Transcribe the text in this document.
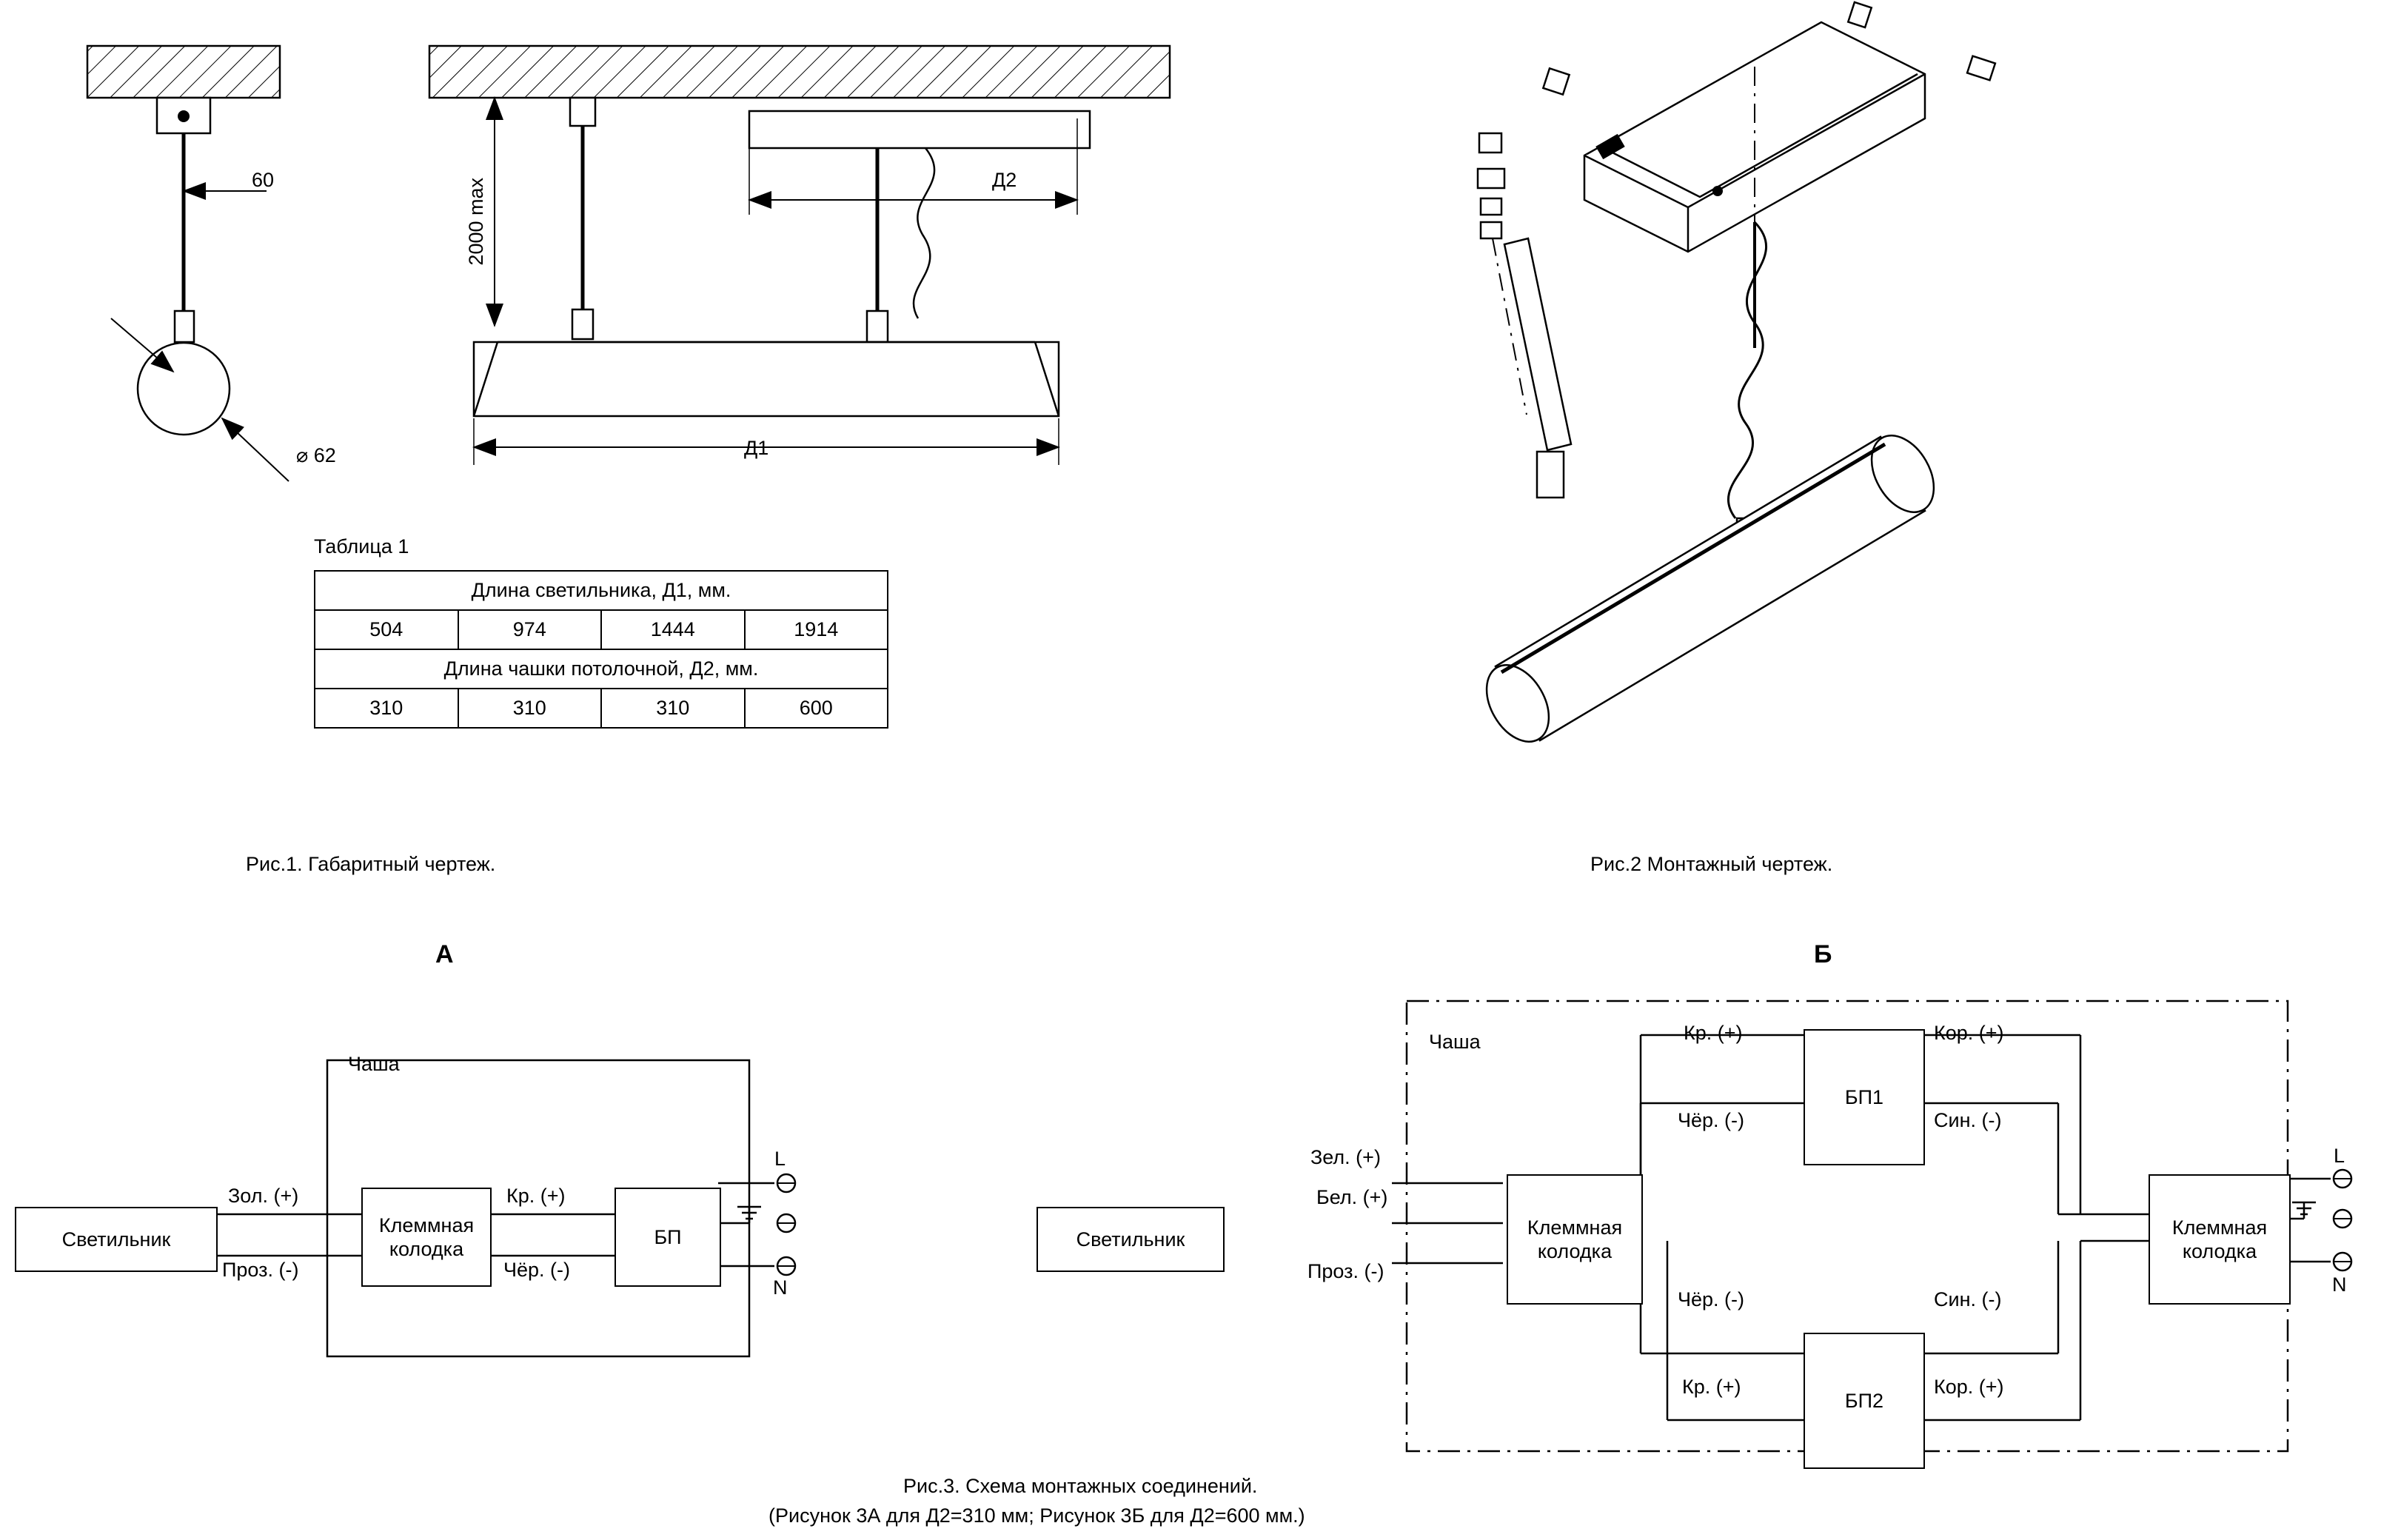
60
⌀ 62
2000 max	Д2
Д1
Таблица 1
Длина светильника, Д1, мм.			
504	974	1444	1914
Длина чашки потолочной, Д2, мм.			
310	310	310	600
Рис.1. Габаритный чертеж.	Рис.2 Монтажный чертеж.
А	Б
Светильник
Чаша
Клеммная
колодка
БП
Зол. (+)
Проз. (-)
Кр. (+)
Чёр. (-)
L
N
Светильник
Чаша
Клеммная
колодка
БП1
БП2
Клеммная
колодка
Зел. (+)
Бел. (+)
Проз. (-)
Кр. (+)
Чёр. (-)
Кор. (+)
Син. (-)
Чёр. (-)
Кр. (+)
Син. (-)
Кор. (+)
L
N
Рис.3. Схема монтажных соединений.
(Рисунок 3А для Д2=310 мм; Рисунок 3Б для Д2=600 мм.)
